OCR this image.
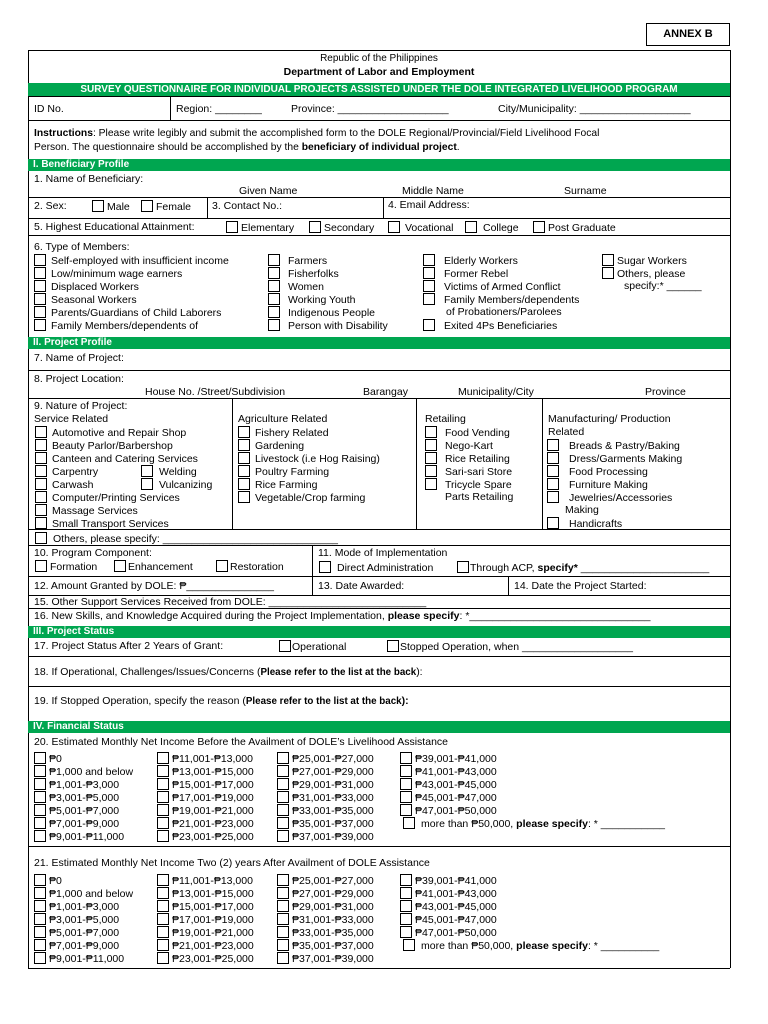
ANNEX B
Republic of the Philippines
Department of Labor and Employment
SURVEY QUESTIONNAIRE FOR INDIVIDUAL PROJECTS ASSISTED UNDER THE DOLE INTEGRATED LIVELIHOOD PROGRAM
ID No.	Region: ________	Province: ___________________	City/Municipality: ___________________
Instructions: Please write legibly and submit the accomplished form to the DOLE Regional/Provincial/Field Livelihood Focal
Person. The questionnaire should be accomplished by the beneficiary of individual project.
I. Beneficiary Profile
1. Name of Beneficiary:
Given Name	Middle Name	Surname
2. Sex:	Male	Female 3. Contact No.:	4. Email Address:
5. Highest Educational Attainment:	Elementary	Secondary	Vocational	College	Post Graduate
6. Type of Members:
Self-employed with insufficient income
Low/minimum wage earners
Displaced Workers
Seasonal Workers
Parents/Guardians of Child Laborers
Family Members/dependents of
Farmers
Fisherfolks
Women
Working Youth
Indigenous People
Person with Disability
Elderly Workers
Former Rebel
Victims of Armed Conflict
Family Members/dependents
of Probationers/Parolees
Exited 4Ps Beneficiaries
Sugar Workers
Others, please
specify:* ______
II. Project Profile
7. Name of Project:
8. Project Location:
House No. /Street/Subdivision	Barangay	Municipality/City	Province
9. Nature of Project:
Service Related	Agriculture Related	Retailing	Manufacturing/ Production
Related
Automotive and Repair Shop
Beauty Parlor/Barbershop
Canteen and Catering Services
Carpentry
Carwash
Computer/Printing Services
Massage Services
Small Transport Services
Fishery Related
Gardening
Livestock (i.e Hog Raising)
Poultry Farming
Rice Farming
Vegetable/Crop farming
Food Vending
Nego-Kart
Rice Retailing
Sari-sari Store
Tricycle Spare
Parts Retailing
Breads & Pastry/Baking
Dress/Garments Making
Food Processing
Furniture Making
Jewelries/Accessories
Making
Handicrafts
Welding
Vulcanizing
Others, please specify: ______________________________
10. Program Component:
Formation	Enhancement	Restoration
11. Mode of Implementation
Direct Administration	Through ACP, specify* ______________________
12. Amount Granted by DOLE: ₱_______________	13. Date Awarded:	14. Date the Project Started:
15. Other Support Services Received from DOLE: ___________________________
16. New Skills, and Knowledge Acquired during the Project Implementation, please specify: *_______________________________
III. Project Status
17. Project Status After 2 Years of Grant:	Operational	Stopped Operation, when ___________________
18. If Operational, Challenges/Issues/Concerns (Please refer to the list at the back):
19. If Stopped Operation, specify the reason (Please refer to the list at the back):
IV. Financial Status
20. Estimated Monthly Net Income Before the Availment of DOLE’s Livelihood Assistance
₱0
₱1,000 and below
₱1,001-₱3,000
₱3,001-₱5,000
₱5,001-₱7,000
₱7,001-₱9,000
₱9,001-₱11,000
₱11,001-₱13,000
₱13,001-₱15,000
₱15,001-₱17,000
₱17,001-₱19,000
₱19,001-₱21,000
₱21,001-₱23,000
₱23,001-₱25,000
₱25,001-₱27,000
₱27,001-₱29,000
₱29,001-₱31,000
₱31,001-₱33,000
₱33,001-₱35,000
₱35,001-₱37,000
₱37,001-₱39,000
₱39,001-₱41,000
₱41,001-₱43,000
₱43,001-₱45,000
₱45,001-₱47,000
₱47,001-₱50,000
more than ₱50,000, please specify: * ___________
21. Estimated Monthly Net Income Two (2) years After Availment of DOLE Assistance
₱0
₱1,000 and below
₱1,001-₱3,000
₱3,001-₱5,000
₱5,001-₱7,000
₱7,001-₱9,000
₱9,001-₱11,000
₱11,001-₱13,000
₱13,001-₱15,000
₱15,001-₱17,000
₱17,001-₱19,000
₱19,001-₱21,000
₱21,001-₱23,000
₱23,001-₱25,000
₱25,001-₱27,000
₱27,001-₱29,000
₱29,001-₱31,000
₱31,001-₱33,000
₱33,001-₱35,000
₱35,001-₱37,000
₱37,001-₱39,000
₱39,001-₱41,000
₱41,001-₱43,000
₱43,001-₱45,000
₱45,001-₱47,000
₱47,001-₱50,000
more than ₱50,000, please specify: * __________
